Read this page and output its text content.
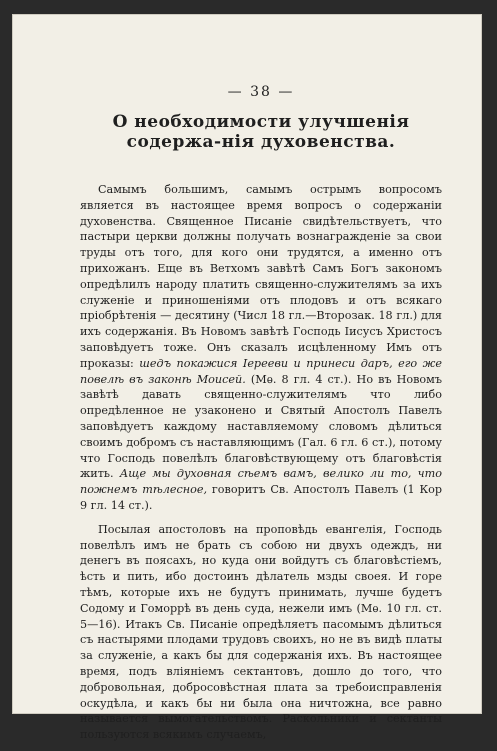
— 38 —

О необходимости улучшенія содержа-нія духовенства.

Самымъ большимъ, самымъ острымъ вопросомъ является въ настоящее время вопросъ о содержаніи духовенства. Священное Писаніе свидѣтельствуетъ, что пастыри церкви должны получать вознагражденіе за свои труды отъ того, для кого они трудятся, а именно отъ прихожанъ. Еще въ Ветхомъ завѣтѣ Самъ Богъ закономъ опредѣлилъ народу платить священно-служителямъ за ихъ служеніе и приношеніями отъ плодовъ и отъ всякаго пріобрѣтенія — десятину (Числ 18 гл.—Второзак. 18 гл.) для ихъ содержанія. Въ Новомъ завѣтѣ Господь Іисусъ Христосъ заповѣдуетъ тоже. Онъ сказалъ исцѣленному Имъ отъ проказы: шедъ покажися Іерееви и принеси даръ, его же повелѣ въ законѣ Моисей. (Мѳ. 8 гл. 4 ст.). Но въ Новомъ завѣтѣ давать священно-служителямъ что либо опредѣленное не узаконено и Святый Апостолъ Павелъ заповѣдуетъ каждому наставляемому словомъ дѣлиться своимъ добромъ съ наставляющимъ (Гал. 6 гл. 6 ст.), потому что Господь повелѣлъ благовѣствующему отъ благовѣстія жить. Аще мы духовная сѣемъ вамъ, велико ли то, что пожнемъ тѣлесное, говоритъ Св. Апостолъ Павелъ (1 Кор 9 гл. 14 ст.).

Посылая апостоловъ на проповѣдь евангелія, Господь повелѣлъ имъ не брать съ собою ни двухъ одеждъ, ни денегъ въ поясахъ, но куда они войдутъ съ благовѣстіемъ, ѣсть и пить, ибо достоинъ дѣлатель мзды своея. И горе тѣмъ, которые ихъ не будутъ принимать, лучше будетъ Содому и Гоморрѣ въ день суда, нежели имъ (Мѳ. 10 гл. ст. 5—16). Итакъ Св. Писаніе опредѣляетъ пасомымъ дѣлиться съ настырями плодами трудовъ своихъ, но не въ видѣ платы за служеніе, а какъ бы для содержанія ихъ. Въ настоящее время, подъ вліяніемъ сектантовъ, дошло до того, что добровольная, добросовѣстная плата за требоисправленія оскудѣла, и какъ бы ни была она ничтожна, все равно называется вымогательствомъ. Раскольники и сектанты пользуются всякимъ случаемъ,
